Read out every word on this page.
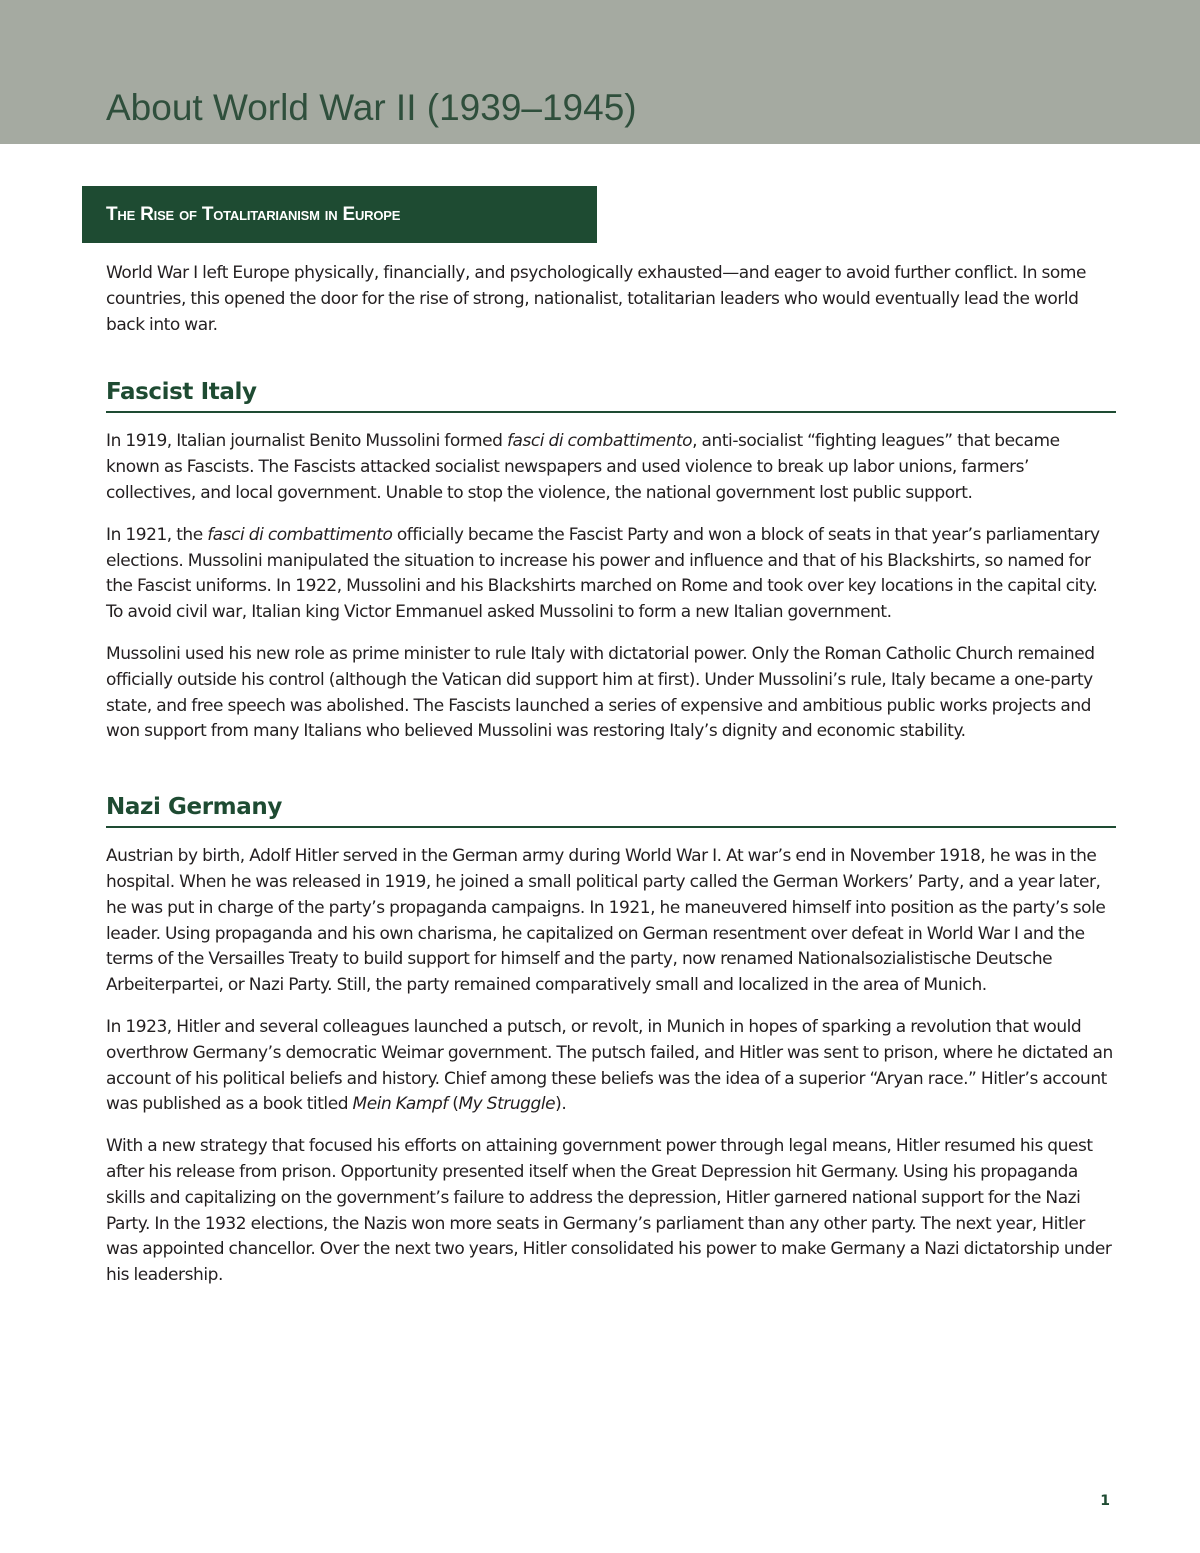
About World War II (1939–1945)
The Rise of Totalitarianism in Europe

World War I left Europe physically, financially, and psychologically exhausted—and eager to avoid further conflict. In some countries, this opened the door for the rise of strong, nationalist, totalitarian leaders who would eventually lead the world back into war.

Fascist Italy

In 1919, Italian journalist Benito Mussolini formed fasci di combattimento, anti-socialist “fighting leagues” that became known as Fascists. The Fascists attacked socialist newspapers and used violence to break up labor unions, farmers’ collectives, and local government. Unable to stop the violence, the national government lost public support.

In 1921, the fasci di combattimento officially became the Fascist Party and won a block of seats in that year’s parliamentary elections. Mussolini manipulated the situation to increase his power and influence and that of his Blackshirts, so named for the Fascist uniforms. In 1922, Mussolini and his Blackshirts marched on Rome and took over key locations in the capital city. To avoid civil war, Italian king Victor Emmanuel asked Mussolini to form a new Italian government.

Mussolini used his new role as prime minister to rule Italy with dictatorial power. Only the Roman Catholic Church remained officially outside his control (although the Vatican did support him at first). Under Mussolini’s rule, Italy became a one-party state, and free speech was abolished. The Fascists launched a series of expensive and ambitious public works projects and won support from many Italians who believed Mussolini was restoring Italy’s dignity and economic stability.

Nazi Germany

Austrian by birth, Adolf Hitler served in the German army during World War I. At war’s end in November 1918, he was in the hospital. When he was released in 1919, he joined a small political party called the German Workers’ Party, and a year later, he was put in charge of the party’s propaganda campaigns. In 1921, he maneuvered himself into position as the party’s sole leader. Using propaganda and his own charisma, he capitalized on German resentment over defeat in World War I and the terms of the Versailles Treaty to build support for himself and the party, now renamed Nationalsozialistische Deutsche Arbeiterpartei, or Nazi Party. Still, the party remained comparatively small and localized in the area of Munich.

In 1923, Hitler and several colleagues launched a putsch, or revolt, in Munich in hopes of sparking a revolution that would overthrow Germany’s democratic Weimar government. The putsch failed, and Hitler was sent to prison, where he dictated an account of his political beliefs and history. Chief among these beliefs was the idea of a superior “Aryan race.” Hitler’s account was published as a book titled Mein Kampf (My Struggle).

With a new strategy that focused his efforts on attaining government power through legal means, Hitler resumed his quest after his release from prison. Opportunity presented itself when the Great Depression hit Germany. Using his propaganda skills and capitalizing on the government’s failure to address the depression, Hitler garnered national support for the Nazi Party. In the 1932 elections, the Nazis won more seats in Germany’s parliament than any other party. The next year, Hitler was appointed chancellor. Over the next two years, Hitler consolidated his power to make Germany a Nazi dictatorship under his leadership.

1
